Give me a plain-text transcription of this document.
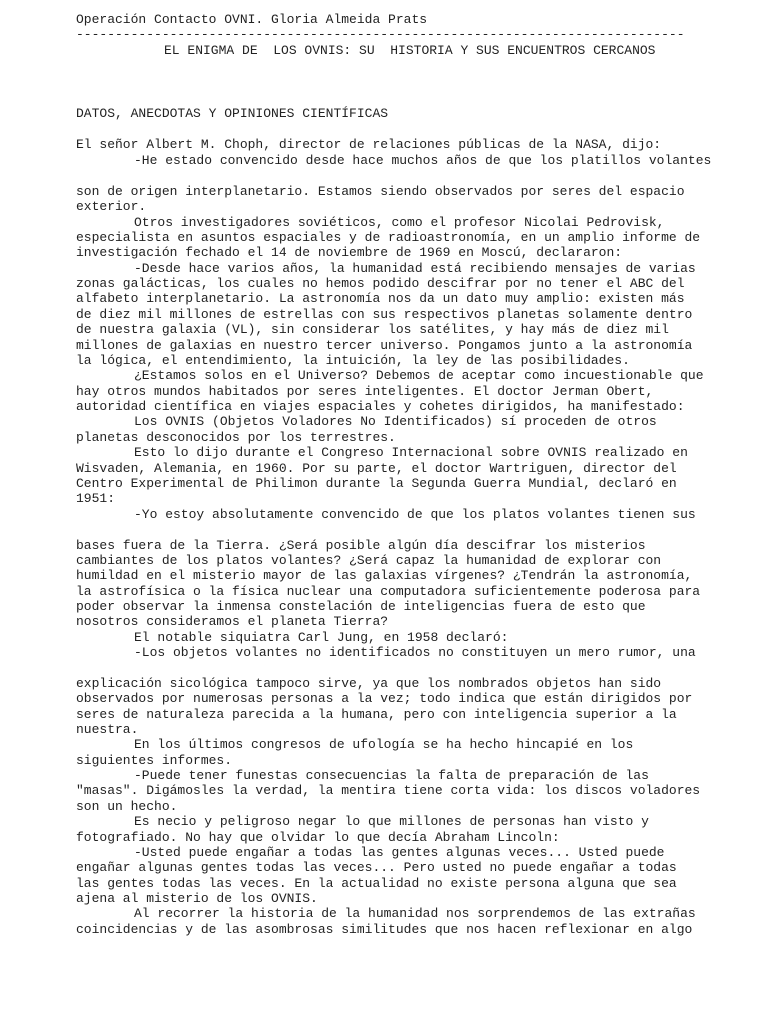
Operación Contacto OVNI. Gloria Almeida Prats
------------------------------------------------------------------------------
EL ENIGMA DE  LOS OVNIS: SU  HISTORIA Y SUS ENCUENTROS CERCANOS
DATOS, ANECDOTAS Y OPINIONES CIENTÍFICAS
El señor Albert M. Choph, director de relaciones públicas de la NASA, dijo:
-He estado convencido desde hace muchos años de que los platillos volantes
son de origen interplanetario. Estamos siendo observados por seres del espacio
exterior.
Otros investigadores soviéticos, como el profesor Nicolai Pedrovisk,
especialista en asuntos espaciales y de radioastronomía, en un amplio informe de
investigación fechado el 14 de noviembre de 1969 en Moscú, declararon:
-Desde hace varios años, la humanidad está recibiendo mensajes de varias
zonas galácticas, los cuales no hemos podido descifrar por no tener el ABC del
alfabeto interplanetario. La astronomía nos da un dato muy amplio: existen más
de diez mil millones de estrellas con sus respectivos planetas solamente dentro
de nuestra galaxia (VL), sin considerar los satélites, y hay más de diez mil
millones de galaxias en nuestro tercer universo. Pongamos junto a la astronomía
la lógica, el entendimiento, la intuición, la ley de las posibilidades.
¿Estamos solos en el Universo? Debemos de aceptar como incuestionable que
hay otros mundos habitados por seres inteligentes. El doctor Jerman Obert,
autoridad científica en viajes espaciales y cohetes dirigidos, ha manifestado:
Los OVNIS (Objetos Voladores No Identificados) sí proceden de otros
planetas desconocidos por los terrestres.
Esto lo dijo durante el Congreso Internacional sobre OVNIS realizado en
Wisvaden, Alemania, en 1960. Por su parte, el doctor Wartriguen, director del
Centro Experimental de Philimon durante la Segunda Guerra Mundial, declaró en
1951:
-Yo estoy absolutamente convencido de que los platos volantes tienen sus
bases fuera de la Tierra. ¿Será posible algún día descifrar los misterios
cambiantes de los platos volantes? ¿Será capaz la humanidad de explorar con
humildad en el misterio mayor de las galaxias vírgenes? ¿Tendrán la astronomía,
la astrofísica o la física nuclear una computadora suficientemente poderosa para
poder observar la inmensa constelación de inteligencias fuera de esto que
nosotros consideramos el planeta Tierra?
El notable siquiatra Carl Jung, en 1958 declaró:
-Los objetos volantes no identificados no constituyen un mero rumor, una
explicación sicológica tampoco sirve, ya que los nombrados objetos han sido
observados por numerosas personas a la vez; todo indica que están dirigidos por
seres de naturaleza parecida a la humana, pero con inteligencia superior a la
nuestra.
En los últimos congresos de ufología se ha hecho hincapié en los
siguientes informes.
-Puede tener funestas consecuencias la falta de preparación de las
"masas". Digámosles la verdad, la mentira tiene corta vida: los discos voladores
son un hecho.
Es necio y peligroso negar lo que millones de personas han visto y
fotografiado. No hay que olvidar lo que decía Abraham Lincoln:
-Usted puede engañar a todas las gentes algunas veces... Usted puede
engañar algunas gentes todas las veces... Pero usted no puede engañar a todas
las gentes todas las veces. En la actualidad no existe persona alguna que sea
ajena al misterio de los OVNIS.
Al recorrer la historia de la humanidad nos sorprendemos de las extrañas
coincidencias y de las asombrosas similitudes que nos hacen reflexionar en algo
